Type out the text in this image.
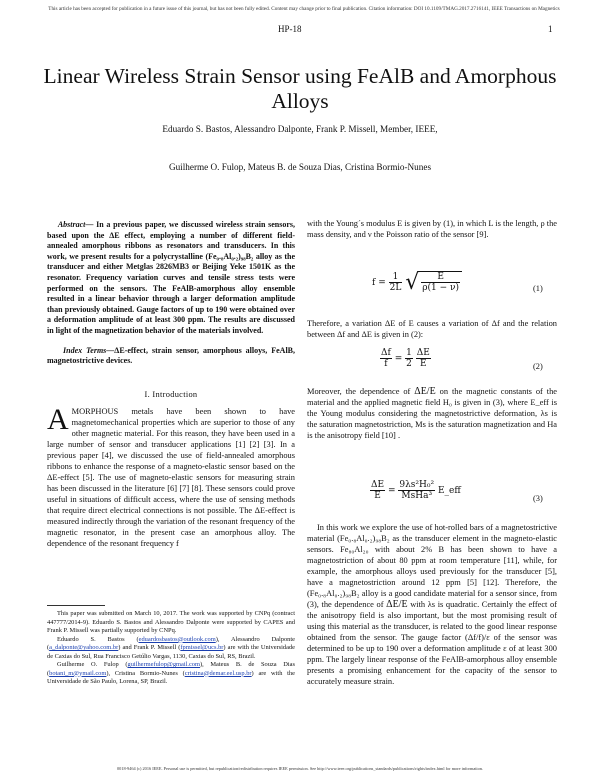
This article has been accepted for publication in a future issue of this journal, but has not been fully edited. Content may change prior to final publication. Citation information: DOI 10.1109/TMAG.2017.2716141, IEEE Transactions on Magnetics
HP-18	1
Linear Wireless Strain Sensor using FeAlB and Amorphous Alloys
Eduardo S. Bastos, Alessandro Dalponte, Frank P. Missell, Member, IEEE,
Guilherme O. Fulop, Mateus B. de Souza Dias, Cristina Bormio-Nunes

Abstract— In a previous paper, we discussed wireless strain sensors, based upon the ΔE effect, employing a number of different field-annealed amorphous ribbons as resonators and transducers. In this work, we present results for a polycrystalline (Fe₀.₈Al₀.₂)₉₈B₂ alloy as the transducer and either Metglas 2826MB3 or Beijing Yeke 1501K as the resonator. Frequency variation curves and tensile stress tests were performed on the sensors. The FeAlB-amorphous alloy ensemble resulted in a linear behavior through a larger deformation amplitude than previously obtained. Gauge factors of up to 190 were obtained over a deformation amplitude of at least 300 ppm. The results are discussed in light of the magnetization behavior of the materials involved.

Index Terms—ΔE-effect, strain sensor, amorphous alloys, FeAlB, magnetostrictive devices.

I. Introduction

AMORPHOUS metals have been shown to have magnetomechanical properties which are superior to those of any other magnetic material. For this reason, they have been used in a large number of sensor and transducer applications [1] [2] [3]. In a previous paper [4], we discussed the use of field-annealed amorphous ribbons to enhance the response of a magneto-elastic sensor based on the ΔE-effect [5]. The use of magneto-elastic sensors for measuring strain has been discussed in the literature [6] [7] [8]. These sensors could prove useful in situations of difficult access, where the use of sensing methods that require direct electrical connections is not possible. The ΔE-effect is measured indirectly through the variation of the resonant frequency of the magnetic resonator, in the present case an amorphous alloy. The dependence of the resonant frequency f

This paper was submitted on March 10, 2017. The work was supported by CNPq (contract 447777/2014-9). Eduardo S. Bastos and Alessandro Dalponte were supported by CAPES and Frank P. Missell was partially supported by CNPq.

Eduardo S. Bastos (eduardosbastos@outlook.com), Alessandro Dalponte (a_dalponte@yahoo.com.br) and Frank P. Missell (fpmissel@ucs.br) are with the Universidade de Caxias do Sul, Rua Francisco Getúlio Vargas, 1130, Caxias do Sul, RS, Brazil.

Guilherme O. Fulop (guilhermefulop@gmail.com), Mateus B. de Souza Dias (botani_m@ymail.com), Cristina Bormio-Nunes (cristina@demar.eel.usp.br) are with the Universidade de São Paulo, Lorena, SP, Brazil.

with the Young´s modulus E is given by (1), in which L is the length, ρ the mass density, and ν the Poisson ratio of the sensor [9].

$f = \frac{1}{2L}$ √ $\frac{E}{\rho(1 - \nu)}$	(1)

Therefore, a variation ΔE of E causes a variation of Δf and the relation between Δf and ΔE is given in (2):

$\frac{\Delta f}{f} = \frac{1}{2}$
$\frac{\Delta E}{E}$	(2)

Moreover, the dependence of ΔE/E on the magnetic constants of the material and the applied magnetic field H₀ is given in (3), where E_eff is the Young modulus considering the magnetostrictive deformation, λs is the saturation magnetostriction, Ms is the saturation magnetization and Ha is the anisotropy field [10] .

$\frac{\Delta E}{E} = \frac{\text{9λs²H₀²}}{\text{MsHa³}}$ E_eff
(3)

In this work we explore the use of hot-rolled bars of a magnetostrictive material (Fe₀.₈Al₀.₂)₉₈B₂ as the transducer element in the magneto-elastic sensors. Fe₈₀Al₂₀ with about 2% B has been shown to have a magnetostriction of about 80 ppm at room temperature [11], while, for example, the amorphous alloys used previously for the transducer [5], have a magnetostriction around 12 ppm [5] [12]. Therefore, the (Fe₀.₈Al₀.₂)₉₈B₂ alloy is a good candidate material for a sensor since, from (3), the dependence of ΔE/E with λs is quadratic. Certainly the effect of the anisotropy field is also important, but the most promising result of using this material as the transducer, is related to the good linear response obtained from the sensor. The gauge factor (Δf/f)/ε of the sensor was determined to be up to 190 over a deformation amplitude ε of at least 300 ppm. The largely linear response of the FeAlB-amorphous alloy ensemble presents a promising enhancement for the capacity of the sensor to accurately measure strain.

0018-9464 (c) 2016 IEEE. Personal use is permitted, but republication/redistribution requires IEEE permission. See http://www.ieee.org/publications_standards/publications/rights/index.html for more information.
